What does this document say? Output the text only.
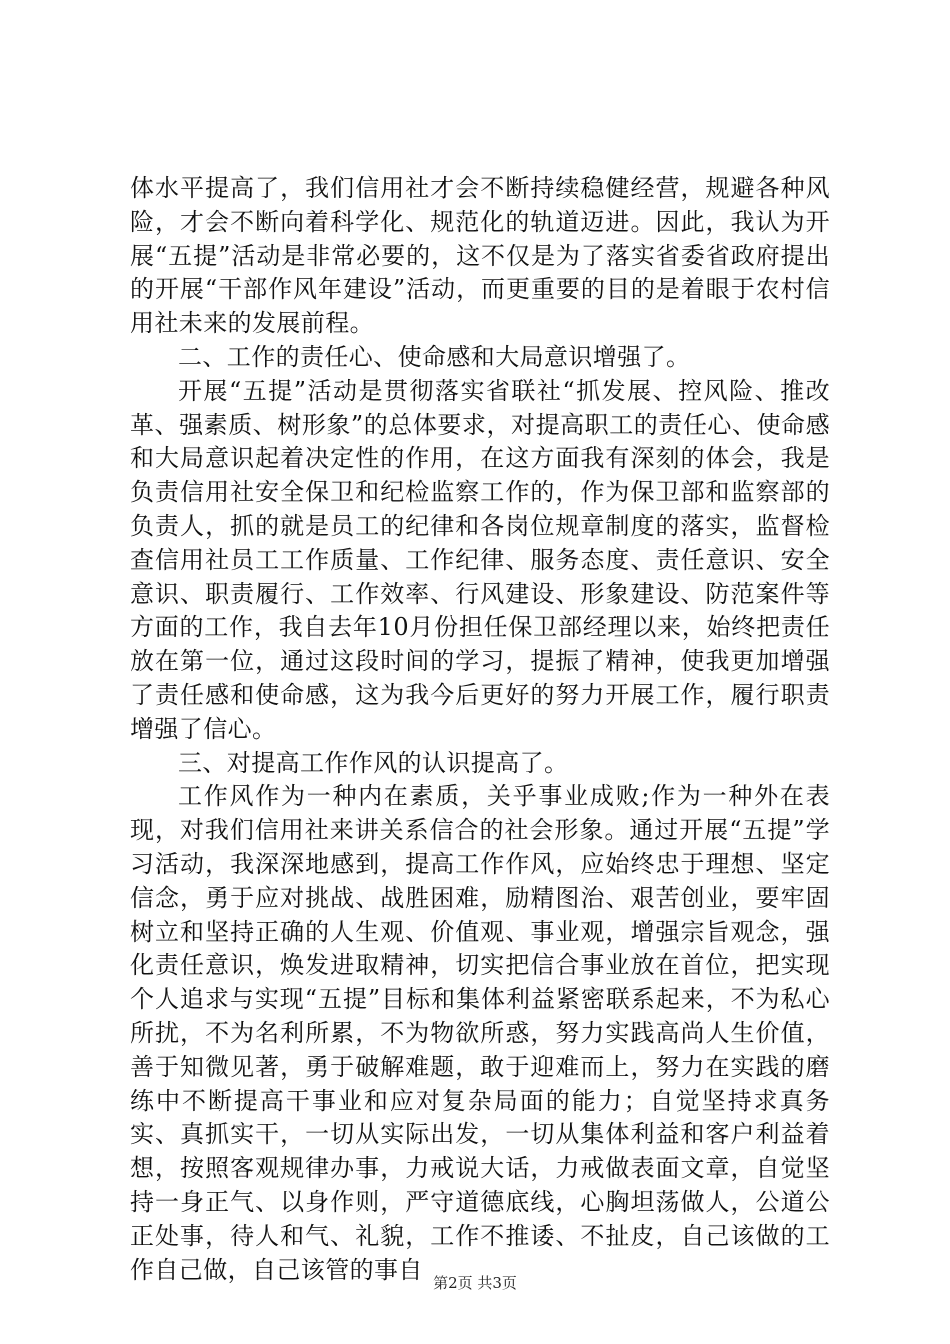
体水平提高了，我们信用社才会不断持续稳健经营，规避各种风险，才会不断向着科学化、规范化的轨道迈进。因此，我认为开展“五提”活动是非常必要的，这不仅是为了落实省委省政府提出的开展“干部作风年建设”活动，而更重要的目的是着眼于农村信用社未来的发展前程。

二、工作的责任心、使命感和大局意识增强了。

开展“五提”活动是贯彻落实省联社“抓发展、控风险、推改革、强素质、树形象”的总体要求，对提高职工的责任心、使命感和大局意识起着决定性的作用，在这方面我有深刻的体会，我是负责信用社安全保卫和纪检监察工作的，作为保卫部和监察部的负责人，抓的就是员工的纪律和各岗位规章制度的落实，监督检查信用社员工工作质量、工作纪律、服务态度、责任意识、安全意识、职责履行、工作效率、行风建设、形象建设、防范案件等方面的工作，我自去年10月份担任保卫部经理以来，始终把责任放在第一位，通过这段时间的学习，提振了精神，使我更加增强了责任感和使命感，这为我今后更好的努力开展工作，履行职责增强了信心。

三、对提高工作作风的认识提高了。

工作风作为一种内在素质，关乎事业成败;作为一种外在表现，对我们信用社来讲关系信合的社会形象。通过开展“五提”学习活动，我深深地感到，提高工作作风，应始终忠于理想、坚定信念，勇于应对挑战、战胜困难，励精图治、艰苦创业，要牢固树立和坚持正确的人生观、价值观、事业观，增强宗旨观念，强化责任意识，焕发进取精神，切实把信合事业放在首位，把实现个人追求与实现“五提”目标和集体利益紧密联系起来，不为私心所扰，不为名利所累，不为物欲所惑，努力实践高尚人生价值，善于知微见著，勇于破解难题，敢于迎难而上，努力在实践的磨练中不断提高干事业和应对复杂局面的能力；自觉坚持求真务实、真抓实干，一切从实际出发，一切从集体利益和客户利益着想，按照客观规律办事，力戒说大话，力戒做表面文章，自觉坚持一身正气、以身作则，严守道德底线，心胸坦荡做人，公道公正处事，待人和气、礼貌，工作不推诿、不扯皮，自己该做的工作自己做，自己该管的事自 第2页 共3页
